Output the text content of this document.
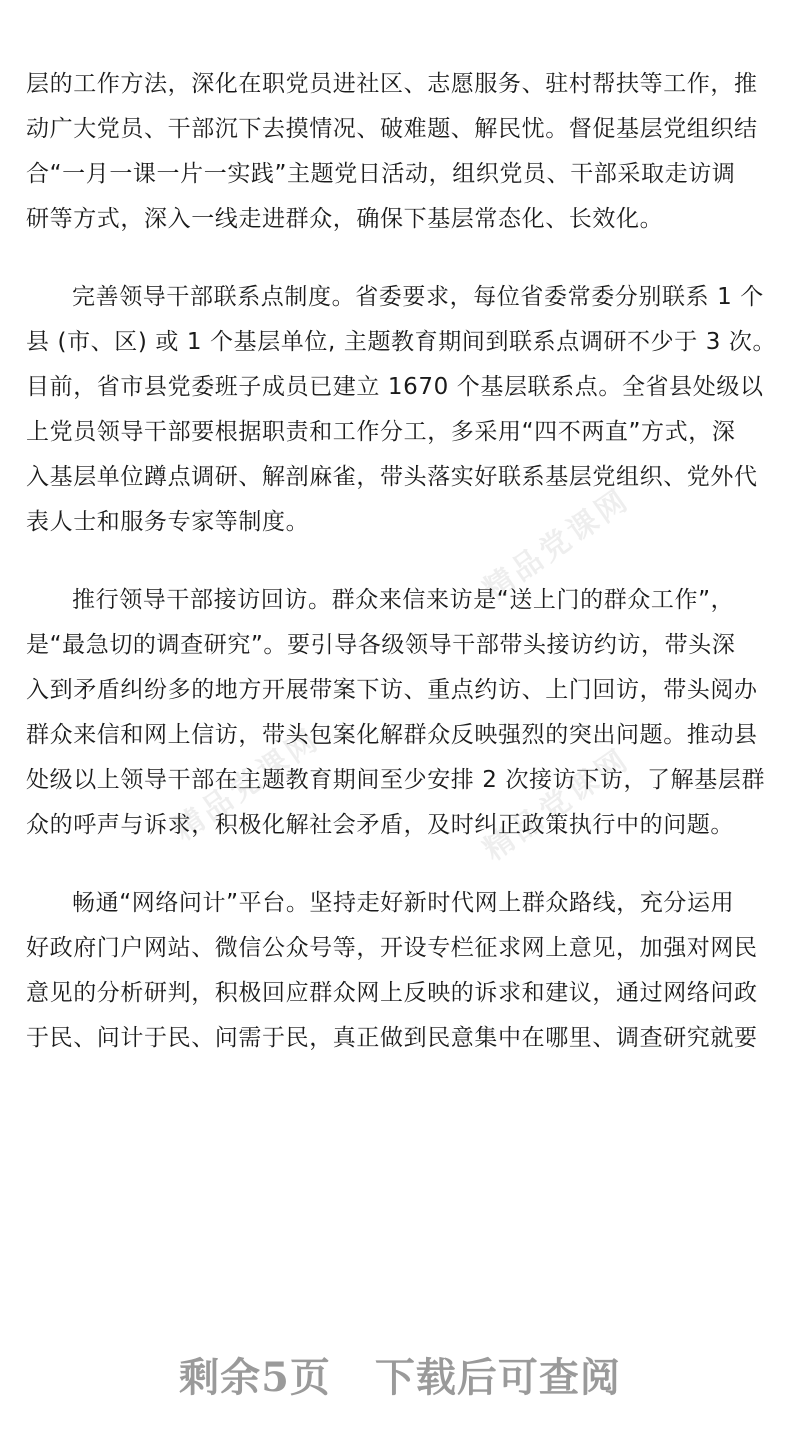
精品党课网
精品党课网	精品党课网

层的工作方法，深化在职党员进社区、志愿服务、驻村帮扶等工作，推
动广大党员、干部沉下去摸情况、破难题、解民忧。督促基层党组织结
合“一月一课一片一实践”主题党日活动，组织党员、干部采取走访调
研等方式，深入一线走进群众，确保下基层常态化、长效化。

完善领导干部联系点制度。省委要求，每位省委常委分别联系 1 个
县 (市、区) 或 1 个基层单位, 主题教育期间到联系点调研不少于 3 次。
目前，省市县党委班子成员已建立 1670 个基层联系点。全省县处级以
上党员领导干部要根据职责和工作分工，多采用“四不两直”方式，深
入基层单位蹲点调研、解剖麻雀，带头落实好联系基层党组织、党外代
表人士和服务专家等制度。

推行领导干部接访回访。群众来信来访是“送上门的群众工作”，
是“最急切的调查研究”。要引导各级领导干部带头接访约访，带头深
入到矛盾纠纷多的地方开展带案下访、重点约访、上门回访，带头阅办
群众来信和网上信访，带头包案化解群众反映强烈的突出问题。推动县
处级以上领导干部在主题教育期间至少安排 2 次接访下访，了解基层群
众的呼声与诉求，积极化解社会矛盾，及时纠正政策执行中的问题。

畅通“网络问计”平台。坚持走好新时代网上群众路线，充分运用
好政府门户网站、微信公众号等，开设专栏征求网上意见，加强对网民
意见的分析研判，积极回应群众网上反映的诉求和建议，通过网络问政
于民、问计于民、问需于民，真正做到民意集中在哪里、调查研究就要

剩余5页 下载后可查阅
